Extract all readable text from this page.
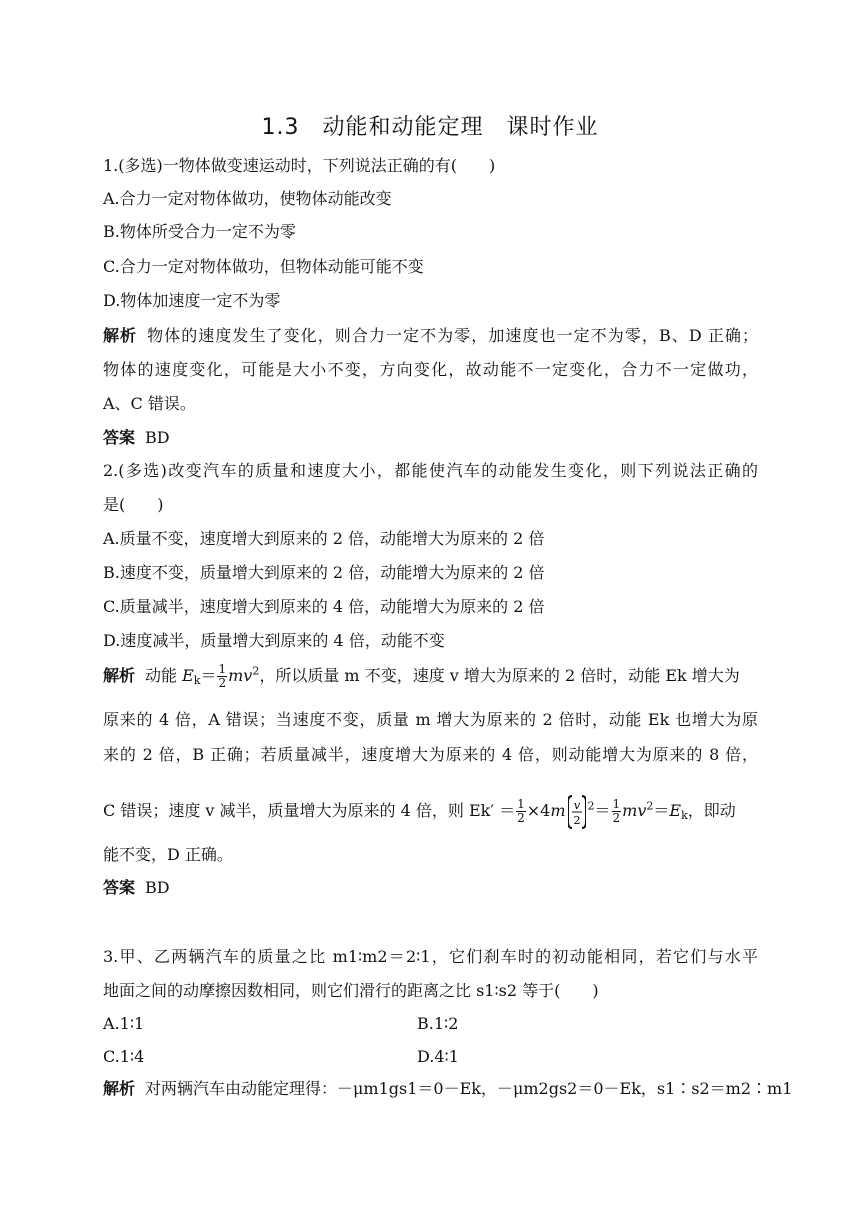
1.3　动能和动能定理　课时作业
1.(多选)一物体做变速运动时，下列说法正确的有(　　)
A.合力一定对物体做功，使物体动能改变
B.物体所受合力一定不为零
C.合力一定对物体做功，但物体动能可能不变
D.物体加速度一定不为零
解析 物体的速度发生了变化，则合力一定不为零，加速度也一定不为零，B、D 正确；
物体的速度变化，可能是大小不变，方向变化，故动能不一定变化，合力不一定做功，
A、C 错误。
答案 BD
2.(多选)改变汽车的质量和速度大小，都能使汽车的动能发生变化，则下列说法正确的
是(　　)
A.质量不变，速度增大到原来的 2 倍，动能增大为原来的 2 倍
B.速度不变，质量增大到原来的 2 倍，动能增大为原来的 2 倍
C.质量减半，速度增大到原来的 4 倍，动能增大为原来的 2 倍
D.速度减半，质量增大到原来的 4 倍，动能不变
解析 动能 $E_k= \frac{1}{2} mv^2$，所以质量 m 不变，速度 v 增大为原来的 2 倍时，动能 Ek 增大为
原来的 4 倍，A 错误；当速度不变，质量 m 增大为原来的 2 倍时，动能 Ek 也增大为原
来的 2 倍，B 正确；若质量减半，速度增大为原来的 4 倍，则动能增大为原来的 8 倍，
C 错误；速度 v 减半，质量增大为原来的 4 倍，则 $Ek' = \frac{1}{2} \times 4m$ v
2
$^2= \frac{1}{2} mv^2=E_k$，即动
能不变，D 正确。
答案 BD
3.甲、乙两辆汽车的质量之比 m1∶m2＝2∶1，它们刹车时的初动能相同，若它们与水平
地面之间的动摩擦因数相同，则它们滑行的距离之比 s1∶s2 等于(　　)
A.1∶1	B.1∶2
C.1∶4	D.4∶1
解析 对两辆汽车由动能定理得：－μm1gs1＝0－Ek，－μm2gs2＝0－Ek，s1∶s2＝m2∶m1
